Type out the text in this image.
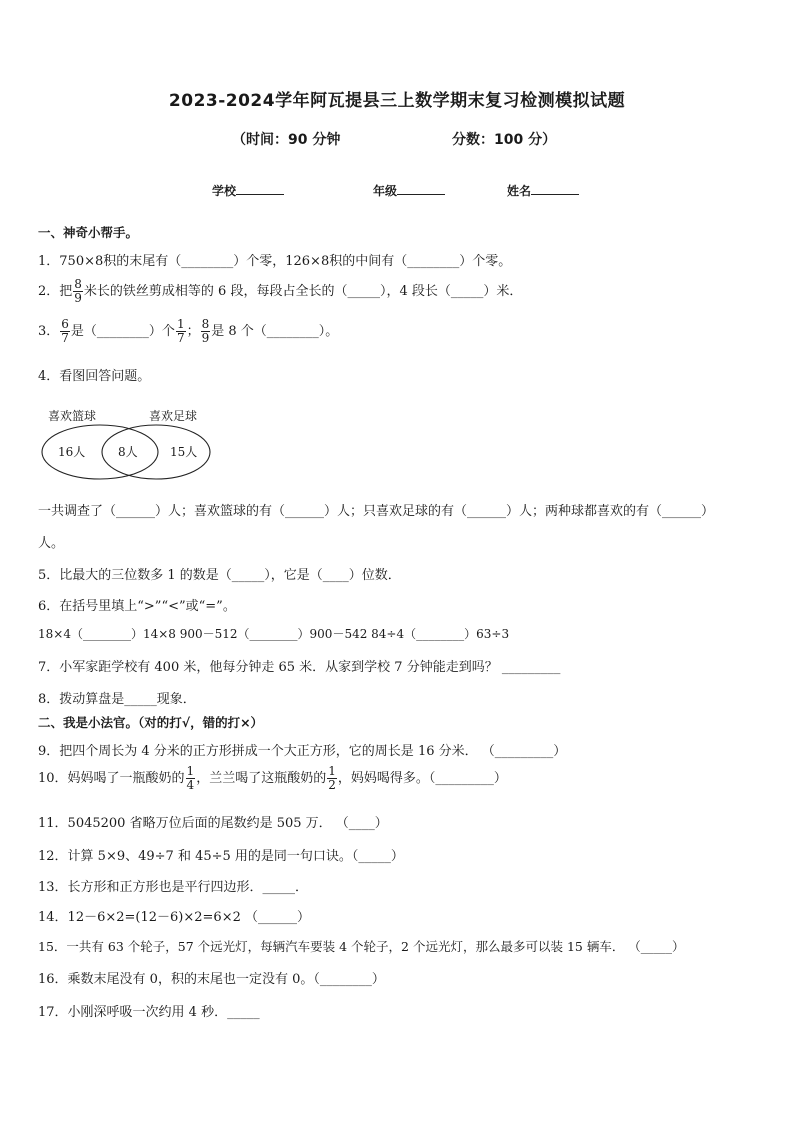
2023-2024学年阿瓦提县三上数学期末复习检测模拟试题
（时间：90 分钟	分数：100 分）
学校	年级	姓名
一、神奇小帮手。
1．750×8积的末尾有（________）个零，126×8积的中间有（________）个零。
2．把 $\frac{8}{9}$ 米长的铁丝剪成相等的 6 段，每段占全长的（_____），4 段长（_____）米．
3． $\frac{6}{7}$ 是（________）个 $\frac{1}{7}$ ； $\frac{8}{9}$ 是 8 个（________）。
4．看图回答问题。
喜欢篮球	喜欢足球
16人	8人	15人
一共调查了（______）人；喜欢篮球的有（______）人；只喜欢足球的有（______）人；两种球都喜欢的有（______）
人。
5．比最大的三位数多 1 的数是（_____），它是（____）位数．
6．在括号里填上“>”“<”或“=”。
18×4（________）14×8 900－512（________）900－542 84÷4（________）63÷3
7．小军家距学校有 400 米，他每分钟走 65 米．从家到学校 7 分钟能走到吗？ _________
8．拨动算盘是_____现象．
二、我是小法官。（对的打√，错的打×）
9．把四个周长为 4 分米的正方形拼成一个大正方形，它的周长是 16 分米． （_________）
10．妈妈喝了一瓶酸奶的 $\frac{1}{4}$ ，兰兰喝了这瓶酸奶的 $\frac{1}{2}$ ，妈妈喝得多。（_________）
11．5045200 省略万位后面的尾数约是 505 万． （____）
12．计算 5×9、49÷7 和 45÷5 用的是同一句口诀。（_____）
13．长方形和正方形也是平行四边形．_____．
14．12－6×2=(12－6)×2=6×2 （______）
15．一共有 63 个轮子，57 个远光灯，每辆汽车要装 4 个轮子，2 个远光灯，那么最多可以装 15 辆车． （_____）
16．乘数末尾没有 0，积的末尾也一定没有 0。（________）
17．小刚深呼吸一次约用 4 秒．_____
